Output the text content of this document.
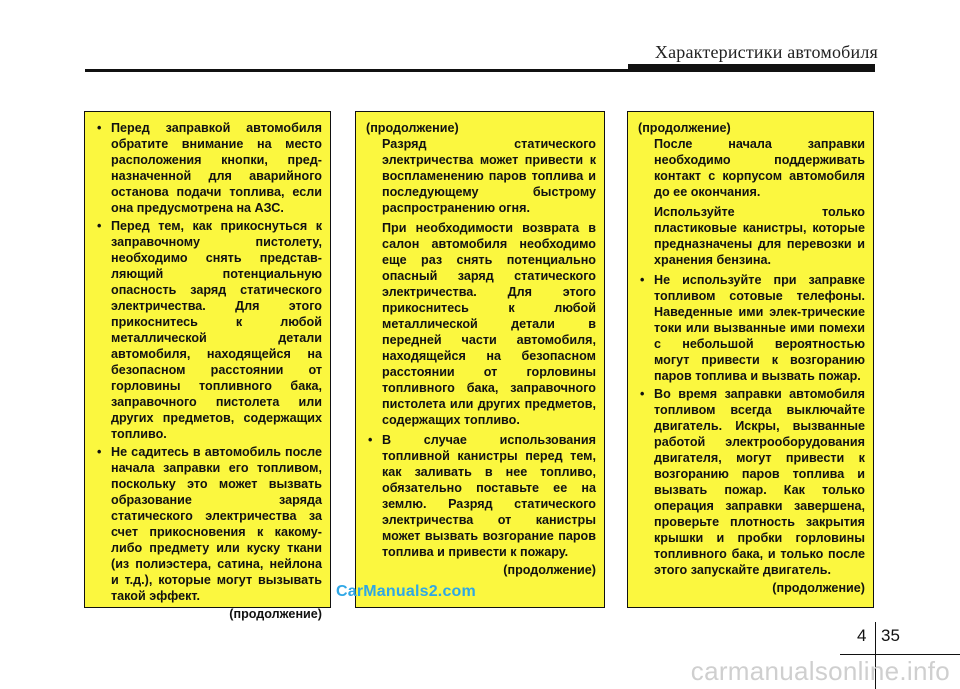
Характеристики автомобиля
• Перед заправкой автомобиля обратите внимание на место расположения кнопки, пред-назначенной для аварийного останова подачи топлива, если она предусмотрена на АЗС.
• Перед тем, как прикоснуться к заправочному пистолету, необходимо снять представ-ляющий потенциальную опасность заряд статического электричества. Для этого прикоснитесь к любой металлической детали автомобиля, находящейся на безопасном расстоянии от горловины топливного бака, заправочного пистолета или других предметов, содержащих топливо.
• Не садитесь в автомобиль после начала заправки его топливом, поскольку это может вызвать образование заряда статического электричества за счет прикосновения к какому-либо предмету или куску ткани (из полиэстера, сатина, нейлона и т.д.), которые могут вызывать такой эффект.
(продолжение)
(продолжение)
Разряд статического электричества может привести к воспламенению паров топлива и последующему быстрому распространению огня.
При необходимости возврата в салон автомобиля необходимо еще раз снять потенциально опасный заряд статического электричества. Для этого прикоснитесь к любой металлической детали в передней части автомобиля, находящейся на безопасном расстоянии от горловины топливного бака, заправочного пистолета или других предметов, содержащих топливо.
• В случае использования топливной канистры перед тем, как заливать в нее топливо, обязательно поставьте ее на землю. Разряд статического электричества от канистры может вызвать возгорание паров топлива и привести к пожару.
(продолжение)
(продолжение)
После начала заправки необходимо поддерживать контакт с корпусом автомобиля до ее окончания.
Используйте только пластиковые канистры, которые предназначены для перевозки и хранения бензина.
• Не используйте при заправке топливом сотовые телефоны. Наведенные ими элек-трические токи или вызванные ими помехи с небольшой вероятностью могут привести к возгоранию паров топлива и вызвать пожар.
• Во время заправки автомобиля топливом всегда выключайте двигатель. Искры, вызванные работой электрооборудования двигателя, могут привести к возгоранию паров топлива и вызвать пожар. Как только операция заправки завершена, проверьте плотность закрытия крышки и пробки горловины топливного бака, и только после этого запускайте двигатель.
(продолжение)
CarManuals2.com
4 35
carmanualsonline.info
